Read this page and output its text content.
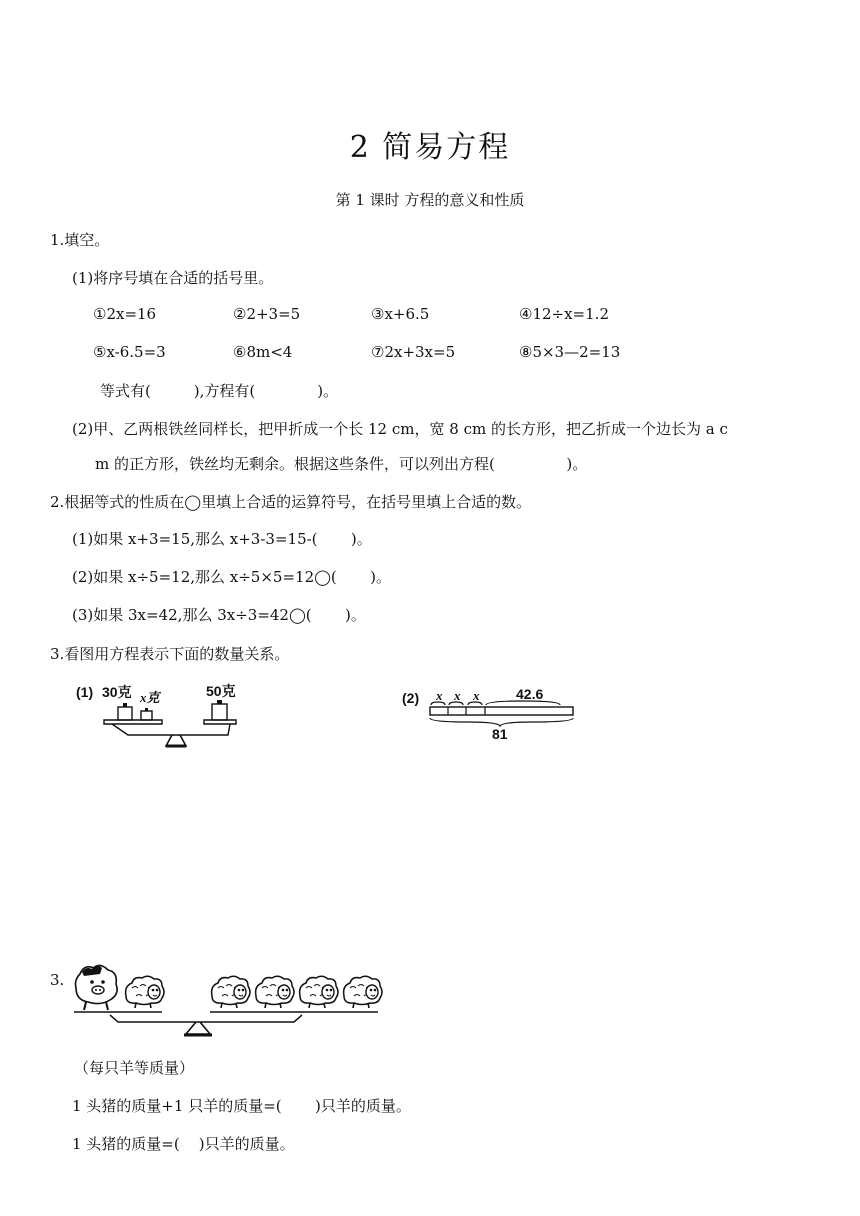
2 简易方程
第 1 课时 方程的意义和性质
1.填空。
(1)将序号填在合适的括号里。
①2x=16	②2+3=5	③x+6.5	④12÷x=1.2
⑤x-6.5=3	⑥8m<4	⑦2x+3x=5	⑧5×3—2=13
等式有(         ),方程有(             )。
(2)甲、乙两根铁丝同样长，把甲折成一个长 12 cm，宽 8 cm 的长方形，把乙折成一个边长为 a c
m 的正方形，铁丝均无剩余。根据这些条件，可以列出方程(               )。
2.根据等式的性质在◯里填上合适的运算符号，在括号里填上合适的数。
(1)如果 x+3=15,那么 x+3-3=15-(       )。
(2)如果 x÷5=12,那么 x÷5×5=12◯(       )。
(3)如果 3x=42,那么 3x÷3=42◯(       )。
3.看图用方程表示下面的数量关系。
(1) 30克 x克	50克	(2) x x x	42.6
81
3.
（每只羊等质量）
1 头猪的质量+1 只羊的质量=(       )只羊的质量。
1 头猪的质量=(    )只羊的质量。
